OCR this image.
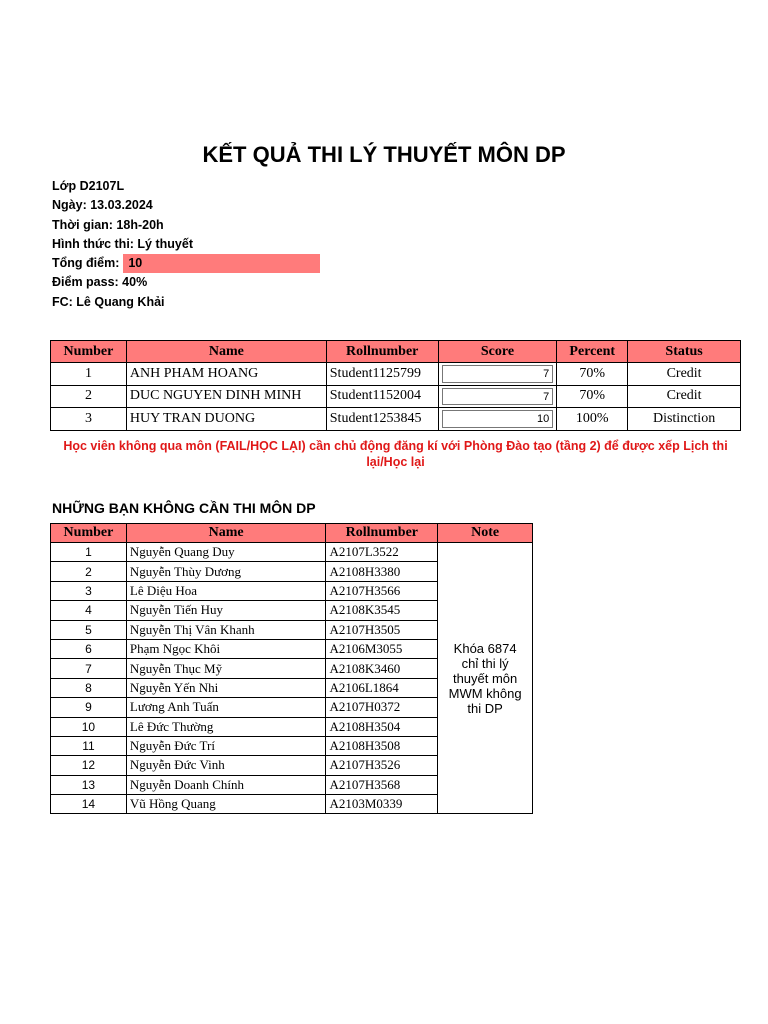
KẾT QUẢ THI LÝ THUYẾT MÔN DP
Lớp D2107L
Ngày: 13.03.2024
Thời gian: 18h-20h
Hình thức thi: Lý thuyết
Tổng điểm: 10
Điểm pass: 40%
FC: Lê Quang Khải
Number	Name	Rollnumber	Score	Percent	Status
1	ANH PHAM HOANG	Student1125799	7	70%	Credit
2	DUC NGUYEN DINH MINH	Student1152004	7	70%	Credit
3	HUY TRAN DUONG	Student1253845	10	100%	Distinction
Học viên không qua môn (FAIL/HỌC LẠI) cần chủ động đăng kí với Phòng Đào tạo (tầng 2) để được xếp Lịch thi lại/Học lại
NHỮNG BẠN KHÔNG CẦN THI MÔN DP
Number	Name	Rollnumber	Note
1	Nguyễn Quang Duy	A2107L3522	Khóa 6874 chỉ thi lý thuyết môn MWM không thi DP
2	Nguyễn Thùy Dương	A2108H3380	
3	Lê Diệu Hoa	A2107H3566	
4	Nguyễn Tiến Huy	A2108K3545	
5	Nguyễn Thị Vân Khanh	A2107H3505	
6	Phạm Ngọc Khôi	A2106M3055	
7	Nguyễn Thục Mỹ	A2108K3460	
8	Nguyễn Yến Nhi	A2106L1864	
9	Lương Anh Tuấn	A2107H0372	
10	Lê Đức Thường	A2108H3504	
11	Nguyễn Đức Trí	A2108H3508	
12	Nguyễn Đức Vinh	A2107H3526	
13	Nguyễn Doanh Chính	A2107H3568	
14	Vũ Hồng Quang	A2103M0339	
